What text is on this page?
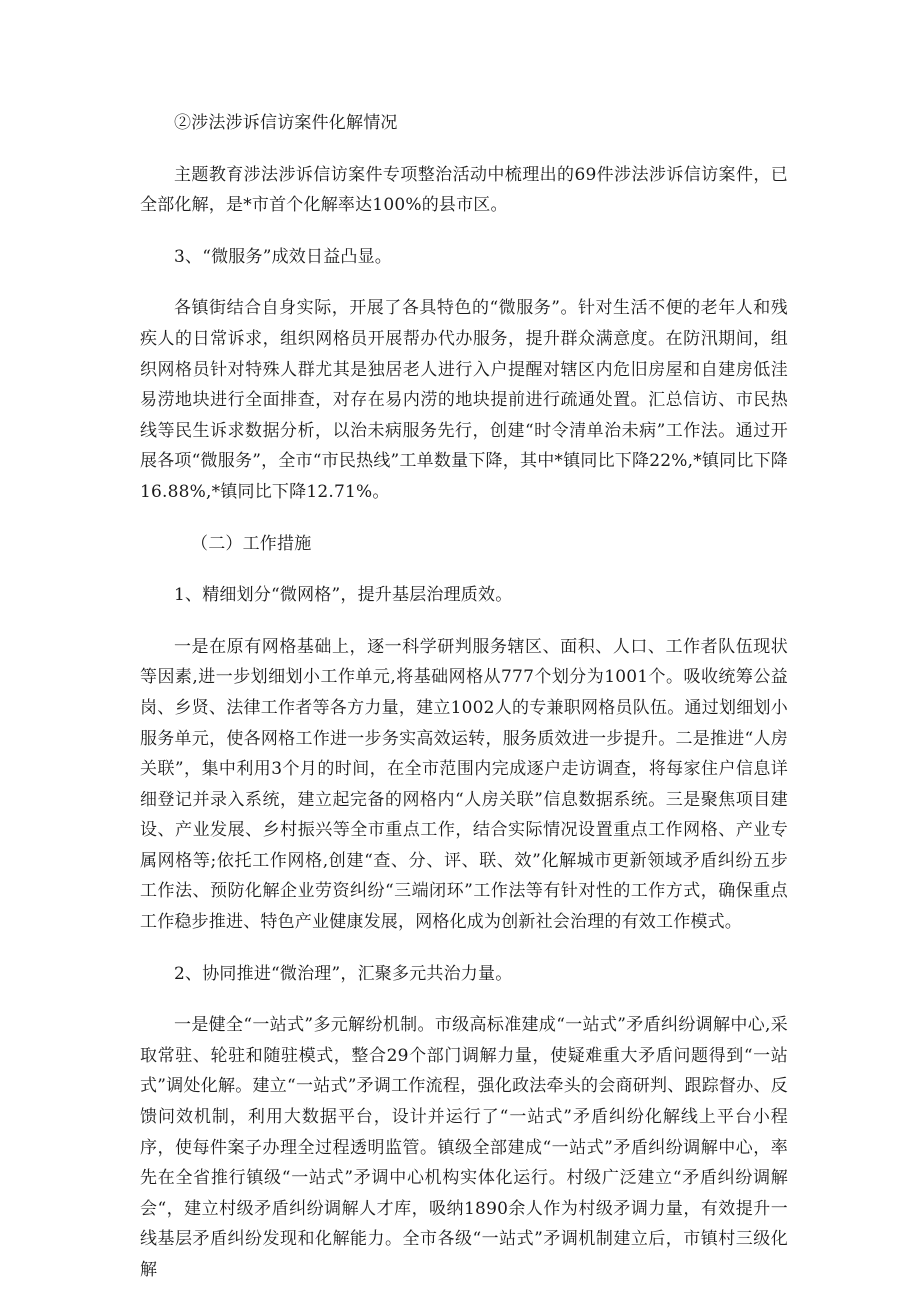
②涉法涉诉信访案件化解情况

主题教育涉法涉诉信访案件专项整治活动中梳理出的69件涉法涉诉信访案件，已全部化解，是*市首个化解率达100%的县市区。

3、“微服务”成效日益凸显。

各镇街结合自身实际，开展了各具特色的“微服务”。针对生活不便的老年人和残疾人的日常诉求，组织网格员开展帮办代办服务，提升群众满意度。在防汛期间，组织网格员针对特殊人群尤其是独居老人进行入户提醒对辖区内危旧房屋和自建房低洼易涝地块进行全面排查，对存在易内涝的地块提前进行疏通处置。汇总信访、市民热线等民生诉求数据分析，以治未病服务先行，创建“时令清单治未病”工作法。通过开展各项“微服务”，全市“市民热线”工单数量下降，其中*镇同比下降22%,*镇同比下降16.88%,*镇同比下降12.71%。

（二）工作措施

1、精细划分“微网格”，提升基层治理质效。

一是在原有网格基础上，逐一科学研判服务辖区、面积、人口、工作者队伍现状等因素,进一步划细划小工作单元,将基础网格从777个划分为1001个。吸收统筹公益岗、乡贤、法律工作者等各方力量，建立1002人的专兼职网格员队伍。通过划细划小服务单元，使各网格工作进一步务实高效运转，服务质效进一步提升。二是推进“人房关联”，集中利用3个月的时间，在全市范围内完成逐户走访调查，将每家住户信息详细登记并录入系统，建立起完备的网格内“人房关联”信息数据系统。三是聚焦项目建设、产业发展、乡村振兴等全市重点工作，结合实际情况设置重点工作网格、产业专属网格等;依托工作网格,创建“查、分、评、联、效”化解城市更新领域矛盾纠纷五步工作法、预防化解企业劳资纠纷“三端闭环”工作法等有针对性的工作方式，确保重点工作稳步推进、特色产业健康发展，网格化成为创新社会治理的有效工作模式。

2、协同推进“微治理”，汇聚多元共治力量。

一是健全“一站式”多元解纷机制。市级高标准建成“一站式”矛盾纠纷调解中心,采取常驻、轮驻和随驻模式，整合29个部门调解力量，使疑难重大矛盾问题得到“一站式”调处化解。建立“一站式”矛调工作流程，强化政法牵头的会商研判、跟踪督办、反馈问效机制，利用大数据平台，设计并运行了“一站式”矛盾纠纷化解线上平台小程序，使每件案子办理全过程透明监管。镇级全部建成“一站式”矛盾纠纷调解中心，率先在全省推行镇级“一站式”矛调中心机构实体化运行。村级广泛建立“矛盾纠纷调解会“，建立村级矛盾纠纷调解人才库，吸纳1890余人作为村级矛调力量，有效提升一线基层矛盾纠纷发现和化解能力。全市各级“一站式”矛调机制建立后，市镇村三级化解
